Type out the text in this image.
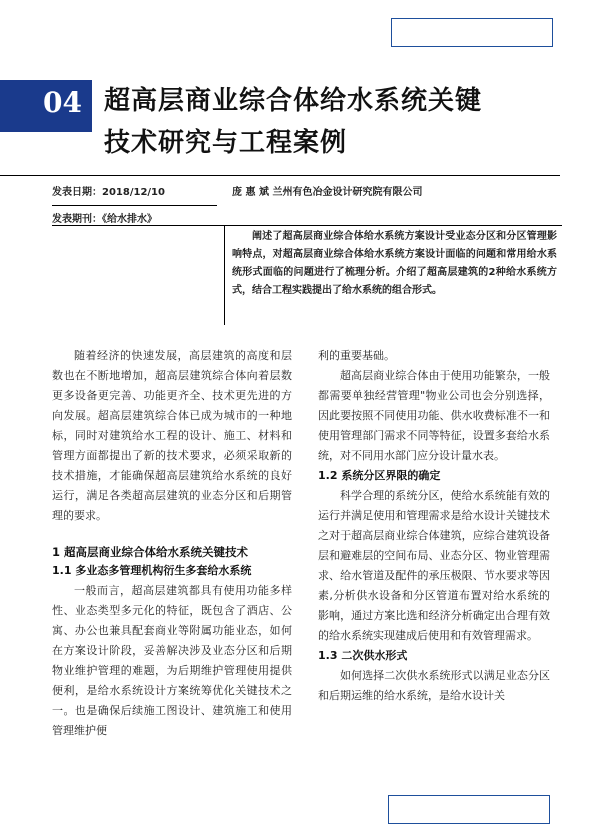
04 超高层商业综合体给水系统关键
技术研究与工程案例
发表日期：2018/12/10	庞 惠 斌 兰州有色冶金设计研究院有限公司
发表期刊：《给水排水》
阐述了超高层商业综合体给水系统方案设计受业态分区和分区管理影响特点，对超高层商业综合体给水系统方案设计面临的问题和常用给水系统形式面临的问题进行了梳理分析。介绍了超高层建筑的2种给水系统方式，结合工程实践提出了给水系统的组合形式。

随着经济的快速发展，高层建筑的高度和层数也在不断地增加，超高层建筑综合体向着层数更多设备更完善、功能更齐全、技术更先进的方向发展。超高层建筑综合体已成为城市的一种地标，同时对建筑给水工程的设计、施工、材料和管理方面都提出了新的技术要求，必须采取新的技术措施，才能确保超高层建筑给水系统的良好运行，满足各类超高层建筑的业态分区和后期管理的要求。

1 超高层商业综合体给水系统关键技术
1.1 多业态多管理机构衍生多套给水系统

一般而言，超高层建筑都具有使用功能多样性、业态类型多元化的特征，既包含了酒店、公寓、办公也兼具配套商业等附属功能业态，如何在方案设计阶段，妥善解决涉及业态分区和后期物业维护管理的难题，为后期维护管理使用提供便利，是给水系统设计方案统筹优化关键技术之一。也是确保后续施工图设计、建筑施工和使用管理维护便

利的重要基础。

超高层商业综合体由于使用功能繁杂，一般都需要单独经营管理"物业公司也会分别选择，因此要按照不同使用功能、供水收费标准不一和使用管理部门需求不同等特征，设置多套给水系统，对不同用水部门应分设计量水表。

1.2 系统分区界限的确定

科学合理的系统分区，使给水系统能有效的运行并满足使用和管理需求是给水设计关键技术之对于超高层商业综合体建筑，应综合建筑设备层和避难层的空间布局、业态分区、物业管理需求、给水管道及配件的承压极限、节水要求等因素,分析供水设备和分区管道布置对给水系统的影响，通过方案比选和经济分析确定出合理有效的给水系统实现建成后使用和有效管理需求。

1.3 二次供水形式

如何选择二次供水系统形式以满足业态分区和后期运维的给水系统，是给水设计关
